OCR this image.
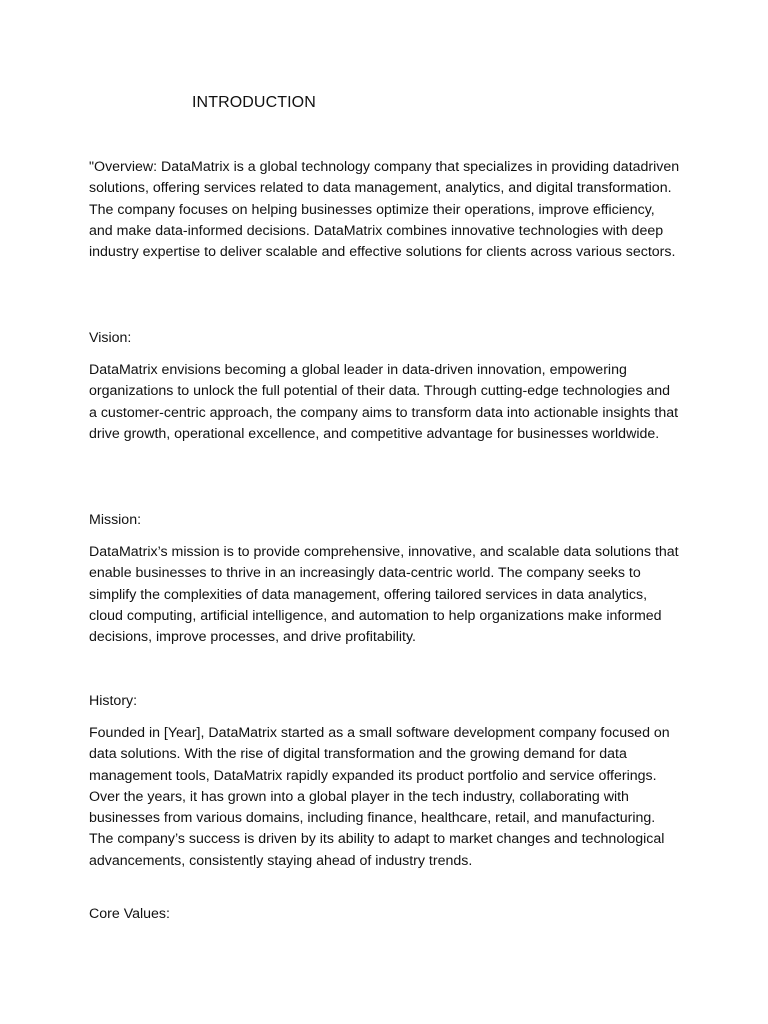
INTRODUCTION

"Overview: DataMatrix is a global technology company that specializes in providing datadriven solutions, offering services related to data management, analytics, and digital transformation. The company focuses on helping businesses optimize their operations, improve efficiency, and make data-informed decisions. DataMatrix combines innovative technologies with deep industry expertise to deliver scalable and effective solutions for clients across various sectors.

Vision:

DataMatrix envisions becoming a global leader in data-driven innovation, empowering organizations to unlock the full potential of their data. Through cutting-edge technologies and a customer-centric approach, the company aims to transform data into actionable insights that drive growth, operational excellence, and competitive advantage for businesses worldwide.

Mission:

DataMatrix’s mission is to provide comprehensive, innovative, and scalable data solutions that enable businesses to thrive in an increasingly data-centric world. The company seeks to simplify the complexities of data management, offering tailored services in data analytics, cloud computing, artificial intelligence, and automation to help organizations make informed decisions, improve processes, and drive profitability.

History:

Founded in [Year], DataMatrix started as a small software development company focused on data solutions. With the rise of digital transformation and the growing demand for data management tools, DataMatrix rapidly expanded its product portfolio and service offerings. Over the years, it has grown into a global player in the tech industry, collaborating with businesses from various domains, including finance, healthcare, retail, and manufacturing. The company’s success is driven by its ability to adapt to market changes and technological advancements, consistently staying ahead of industry trends.

Core Values:
